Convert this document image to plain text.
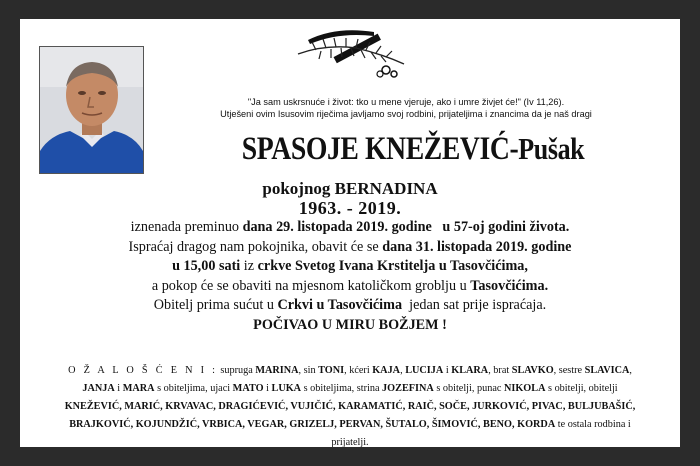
"Ja sam uskrsnuće i život: tko u mene vjeruje, ako i umre živjet će!" (Iv 11,26).
Utješeni ovim Isusovim riječima javljamo svoj rodbini, prijateljima i znancima da je naš dragi
SPASOJE KNEŽEVIĆ-Pušak
pokojnog BERNADINA
1963. - 2019.
iznenada preminuo dana 29. listopada 2019. godine u 57-oj godini života.
Ispraćaj dragog nam pokojnika, obavit će se dana 31. listopada 2019. godine
u 15,00 sati iz crkve Svetog Ivana Krstitelja u Tasovčićima,
a pokop će se obaviti na mjesnom katoličkom groblju u Tasovčićima.
Obitelj prima sućut u Crkvi u Tasovčićima jedan sat prije ispraćaja.
POČIVAO U MIRU BOŽJEM !
O Ž A L O Š Ć E N I : supruga MARINA, sin TONI, kćeri KAJA, LUCIJA i KLARA, brat SLAVKO, sestre SLAVICA, JANJA i MARA s obiteljima, ujaci MATO i LUKA s obiteljima, strina JOZEFINA s obitelji, punac NIKOLA s obitelji, obitelji KNEŽEVIĆ, MARIĆ, KRVAVAC, DRAGIĆEVIĆ, VUJIČIĆ, KARAMATIĆ, RAIČ, SOČE, JURKOVIĆ, PIVAC, BULJUBAŠIĆ, BRAJKOVIĆ, KOJUNDŽIĆ, VRBICA, VEGAR, GRIZELJ, PERVAN, ŠUTALO, ŠIMOVIĆ, BENO, KORDA te ostala rodbina i prijatelji.
